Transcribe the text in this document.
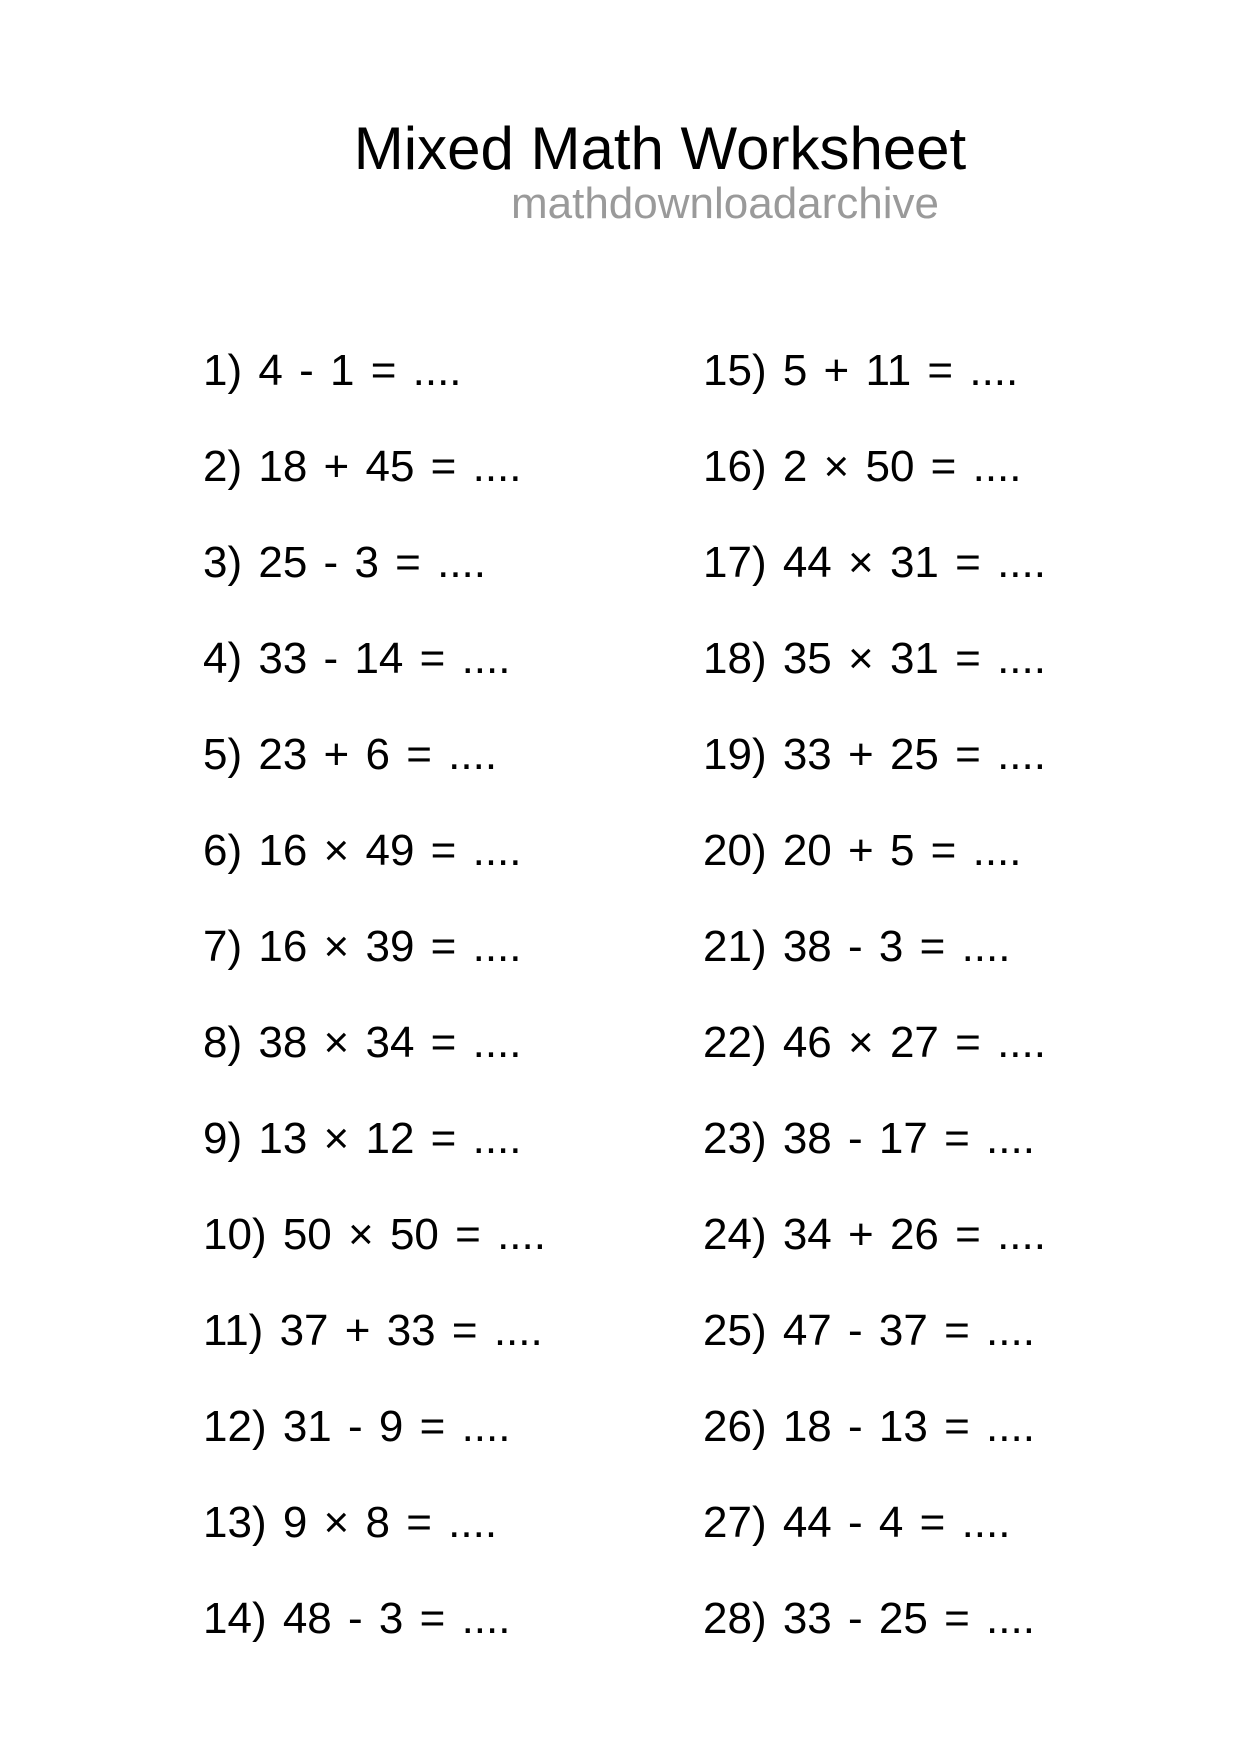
Mixed Math Worksheet
mathdownloadarchive
1) 4 - 1 = ....
2) 18 + 45 = ....
3) 25 - 3 = ....
4) 33 - 14 = ....
5) 23 + 6 = ....
6) 16 × 49 = ....
7) 16 × 39 = ....
8) 38 × 34 = ....
9) 13 × 12 = ....
10) 50 × 50 = ....
11) 37 + 33 = ....
12) 31 - 9 = ....
13) 9 × 8 = ....
14) 48 - 3 = ....
15) 5 + 11 = ....
16) 2 × 50 = ....
17) 44 × 31 = ....
18) 35 × 31 = ....
19) 33 + 25 = ....
20) 20 + 5 = ....
21) 38 - 3 = ....
22) 46 × 27 = ....
23) 38 - 17 = ....
24) 34 + 26 = ....
25) 47 - 37 = ....
26) 18 - 13 = ....
27) 44 - 4 = ....
28) 33 - 25 = ....
